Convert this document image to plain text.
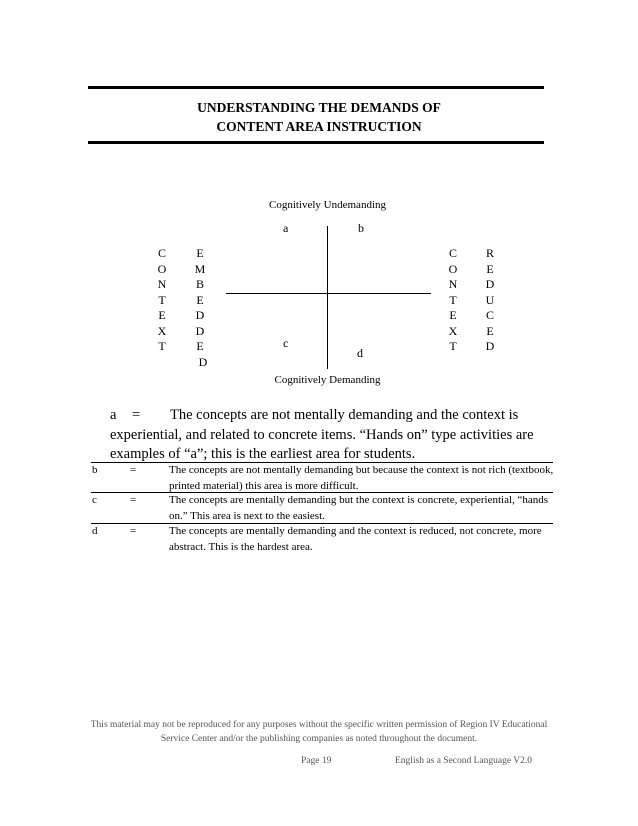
UNDERSTANDING THE DEMANDS OF
CONTENT AREA INSTRUCTION
Cognitively Undemanding
a	b
c
d
Cognitively Demanding
C
O
N
T
E
X
T
E
M
B
E
D
D
E
D
C
O
N
T
E
X
T
R
E
D
U
C
E
D
a = The concepts are not mentally demanding and the context is experiential, and related to concrete items. “Hands on” type activities are examples of “a”; this is the earliest area for students.
b	=	The concepts are not mentally demanding but because the context is not rich (textbook, printed material) this area is more difficult.
c	=	The concepts are mentally demanding but the context is concrete, experiential, “hands on.” This area is next to the easiest.
d	=	The concepts are mentally demanding and the context is reduced, not concrete, more abstract. This is the hardest area.
This material may not be reproduced for any purposes without the specific written permission of Region IV Educational
Service Center and/or the publishing companies as noted throughout the document.
Page 19	English as a Second Language V2.0
